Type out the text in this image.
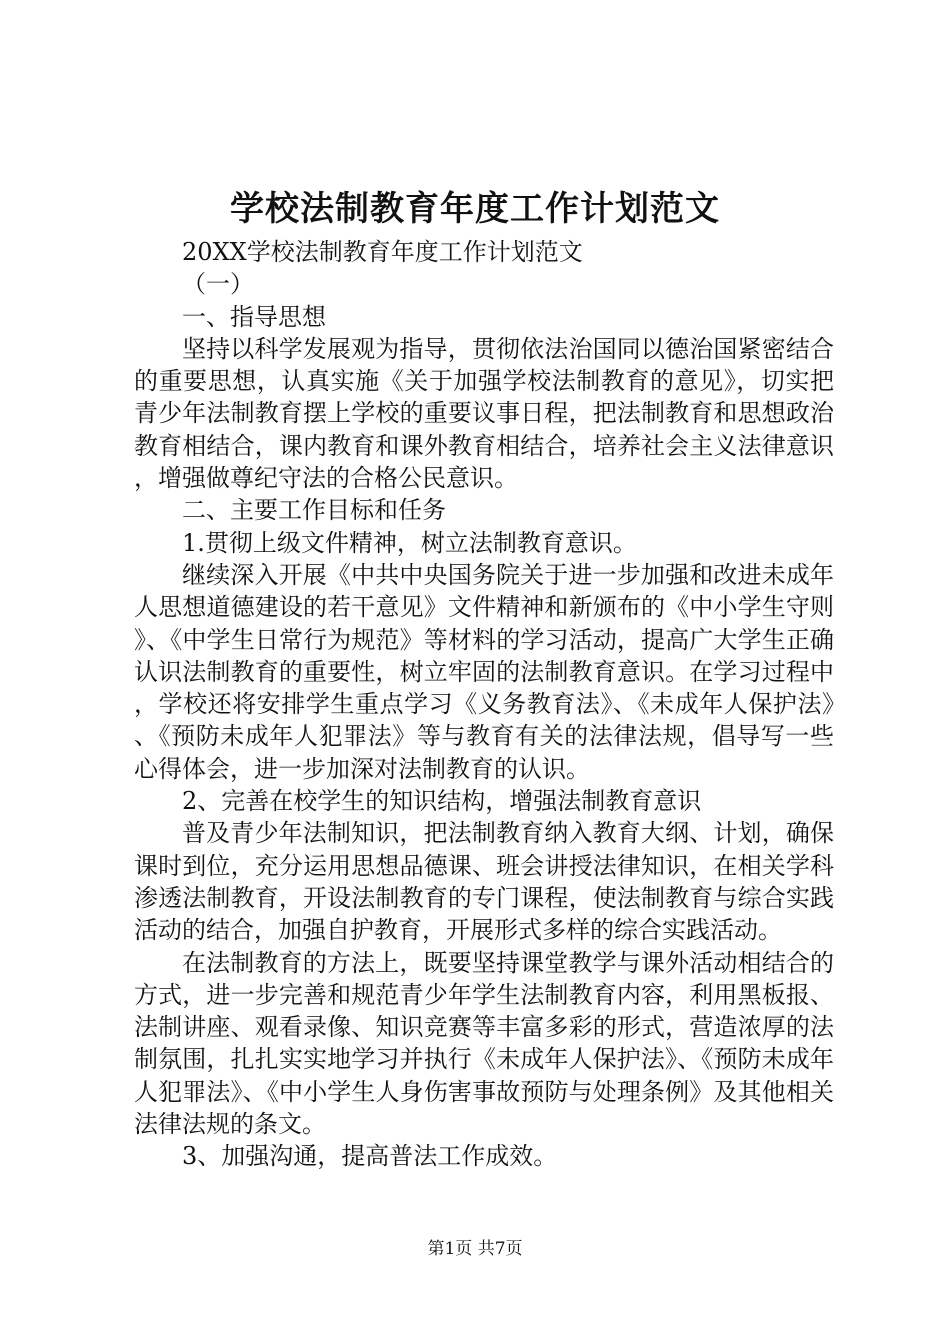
学校法制教育年度工作计划范文

20XX学校法制教育年度工作计划范文

（一）

一、指导思想

坚持以科学发展观为指导，贯彻依法治国同以德治国紧密结合的重要思想，认真实施《关于加强学校法制教育的意见》，切实把青少年法制教育摆上学校的重要议事日程，把法制教育和思想政治教育相结合，课内教育和课外教育相结合，培养社会主义法律意识，增强做尊纪守法的合格公民意识。

二、主要工作目标和任务

1.贯彻上级文件精神，树立法制教育意识。

继续深入开展《中共中央国务院关于进一步加强和改进未成年人思想道德建设的若干意见》文件精神和新颁布的《中小学生守则》、《中学生日常行为规范》等材料的学习活动，提高广大学生正确认识法制教育的重要性，树立牢固的法制教育意识。在学习过程中，学校还将安排学生重点学习《义务教育法》、《未成年人保护法》、《预防未成年人犯罪法》等与教育有关的法律法规，倡导写一些心得体会，进一步加深对法制教育的认识。

2、完善在校学生的知识结构，增强法制教育意识

普及青少年法制知识，把法制教育纳入教育大纲、计划，确保课时到位，充分运用思想品德课、班会讲授法律知识，在相关学科渗透法制教育，开设法制教育的专门课程，使法制教育与综合实践活动的结合，加强自护教育，开展形式多样的综合实践活动。

在法制教育的方法上，既要坚持课堂教学与课外活动相结合的方式，进一步完善和规范青少年学生法制教育内容，利用黑板报、法制讲座、观看录像、知识竞赛等丰富多彩的形式，营造浓厚的法制氛围，扎扎实实地学习并执行《未成年人保护法》、《预防未成年人犯罪法》、《中小学生人身伤害事故预防与处理条例》及其他相关法律法规的条文。

3、加强沟通，提高普法工作成效。

第1页 共7页
